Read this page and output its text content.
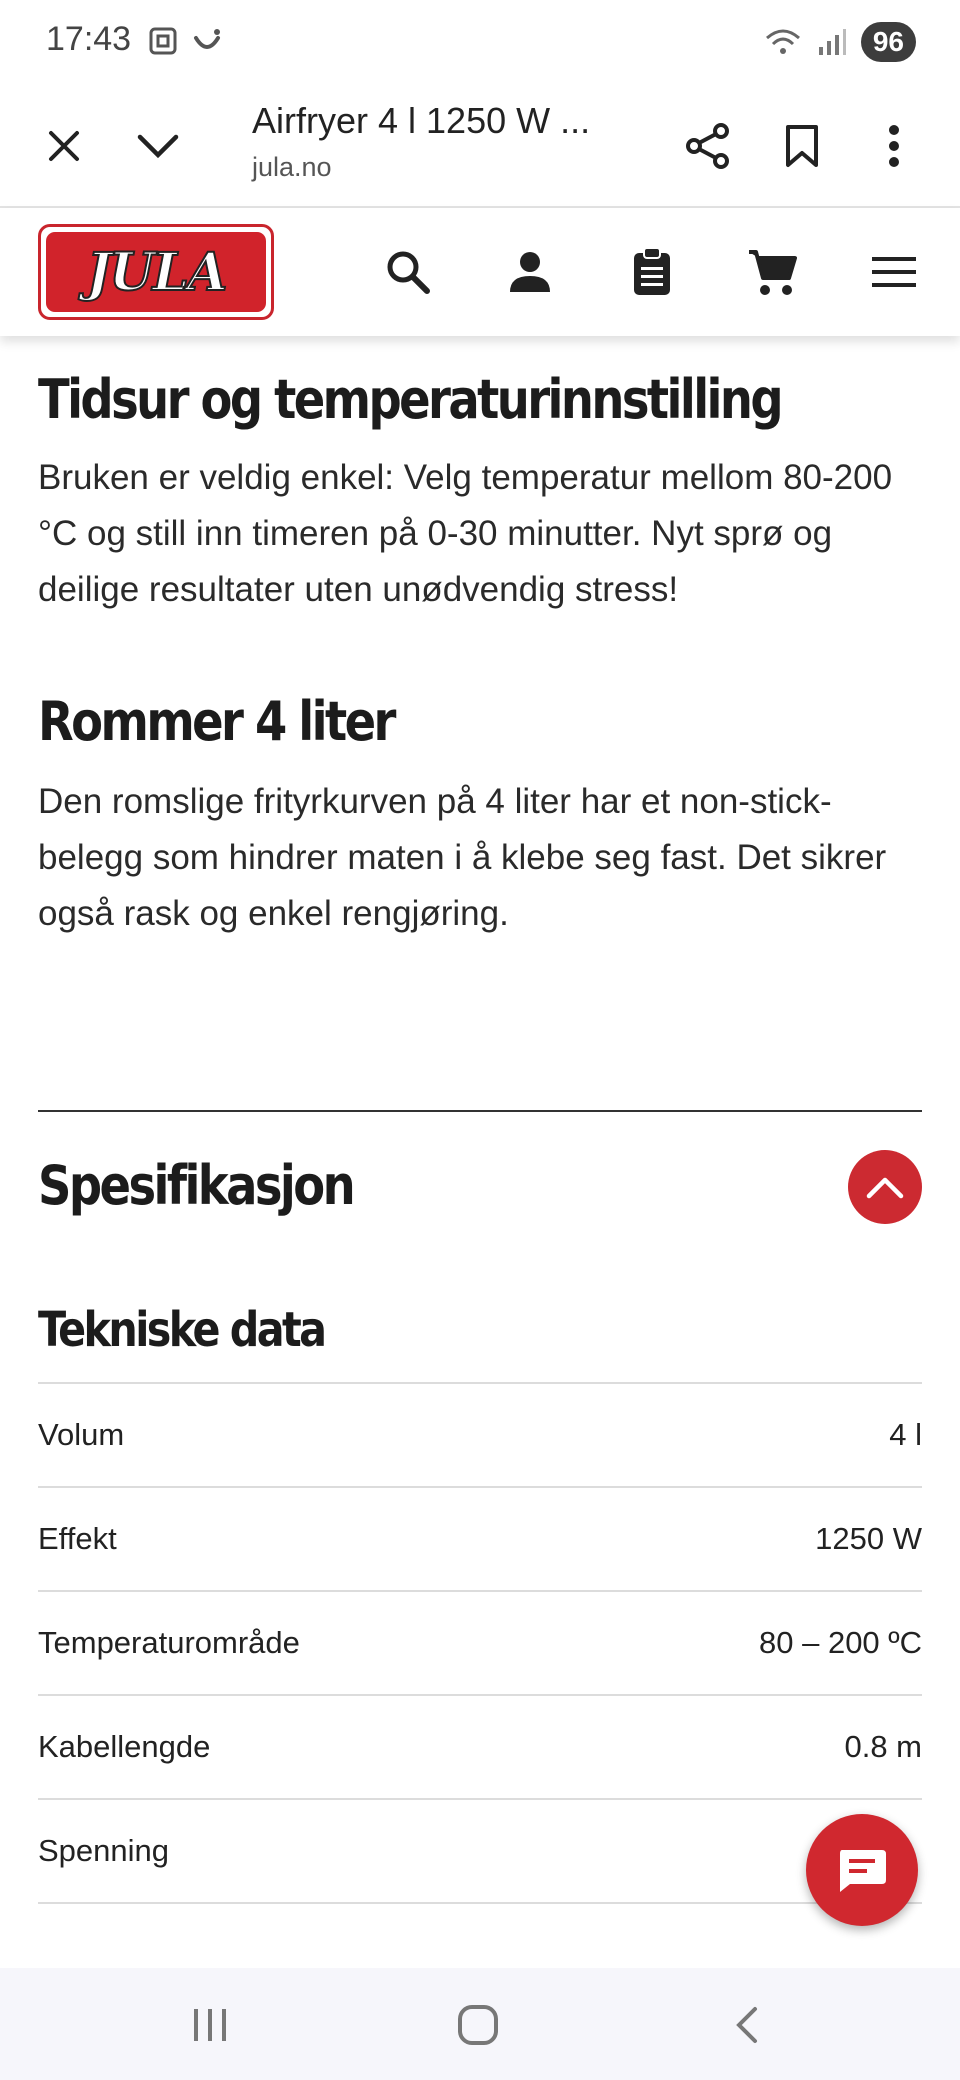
17:43	96
Airfryer 4 l 1250 W ...
jula.no
JULA
Tidsur og temperaturinnstilling

Bruken er veldig enkel: Velg temperatur mellom 80-200 °C og still inn timeren på 0-30 minutter. Nyt sprø og deilige resultater uten unødvendig stress!

Rommer 4 liter

Den romslige frityrkurven på 4 liter har et non-stick-belegg som hindrer maten i å klebe seg fast. Det sikrer også rask og enkel rengjøring.

Spesifikasjon
Tekniske data
Volum	4 l
Effekt	1250 W
Temperaturområde	80 – 200 ºC
Kabellengde	0.8 m
Spenning
